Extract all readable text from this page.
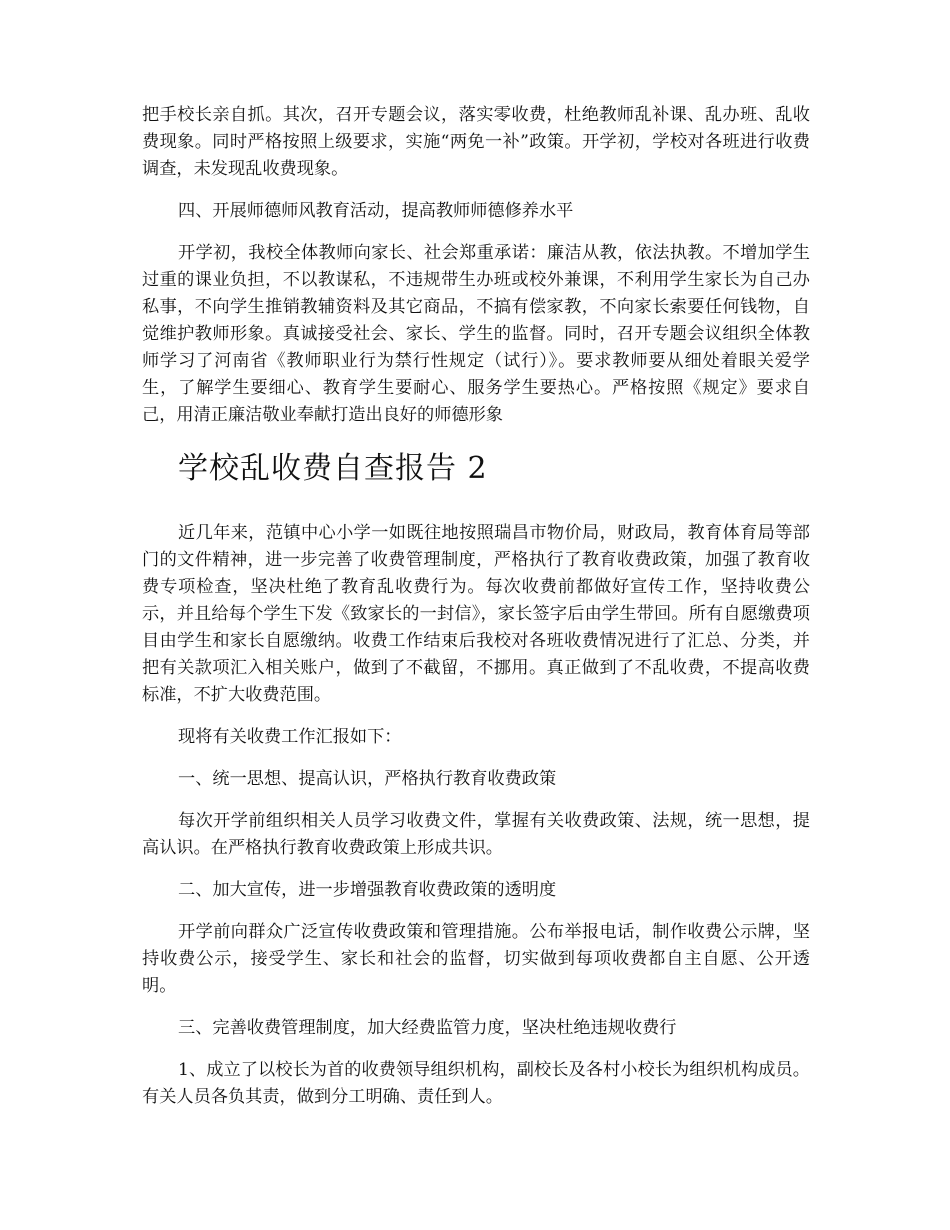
把手校长亲自抓。其次，召开专题会议，落实零收费，杜绝教师乱补课、乱办班、乱收费现象。同时严格按照上级要求，实施“两免一补”政策。开学初，学校对各班进行收费调查，未发现乱收费现象。

四、开展师德师风教育活动，提高教师师德修养水平

开学初，我校全体教师向家长、社会郑重承诺：廉洁从教，依法执教。不增加学生过重的课业负担，不以教谋私，不违规带生办班或校外兼课，不利用学生家长为自己办私事，不向学生推销教辅资料及其它商品，不搞有偿家教，不向家长索要任何钱物，自觉维护教师形象。真诚接受社会、家长、学生的监督。同时，召开专题会议组织全体教师学习了河南省《教师职业行为禁行性规定（试行）》。要求教师要从细处着眼关爱学生，了解学生要细心、教育学生要耐心、服务学生要热心。严格按照《规定》要求自己，用清正廉洁敬业奉献打造出良好的师德形象

学校乱收费自查报告 2

近几年来，范镇中心小学一如既往地按照瑞昌市物价局，财政局，教育体育局等部门的文件精神，进一步完善了收费管理制度，严格执行了教育收费政策，加强了教育收费专项检查，坚决杜绝了教育乱收费行为。每次收费前都做好宣传工作，坚持收费公示，并且给每个学生下发《致家长的一封信》，家长签字后由学生带回。所有自愿缴费项目由学生和家长自愿缴纳。收费工作结束后我校对各班收费情况进行了汇总、分类，并把有关款项汇入相关账户，做到了不截留，不挪用。真正做到了不乱收费，不提高收费标准，不扩大收费范围。

现将有关收费工作汇报如下：

一、统一思想、提高认识，严格执行教育收费政策

每次开学前组织相关人员学习收费文件，掌握有关收费政策、法规，统一思想，提高认识。在严格执行教育收费政策上形成共识。

二、加大宣传，进一步增强教育收费政策的透明度

开学前向群众广泛宣传收费政策和管理措施。公布举报电话，制作收费公示牌，坚持收费公示，接受学生、家长和社会的监督，切实做到每项收费都自主自愿、公开透明。

三、完善收费管理制度，加大经费监管力度，坚决杜绝违规收费行

1、成立了以校长为首的收费领导组织机构，副校长及各村小校长为组织机构成员。有关人员各负其责，做到分工明确、责任到人。
